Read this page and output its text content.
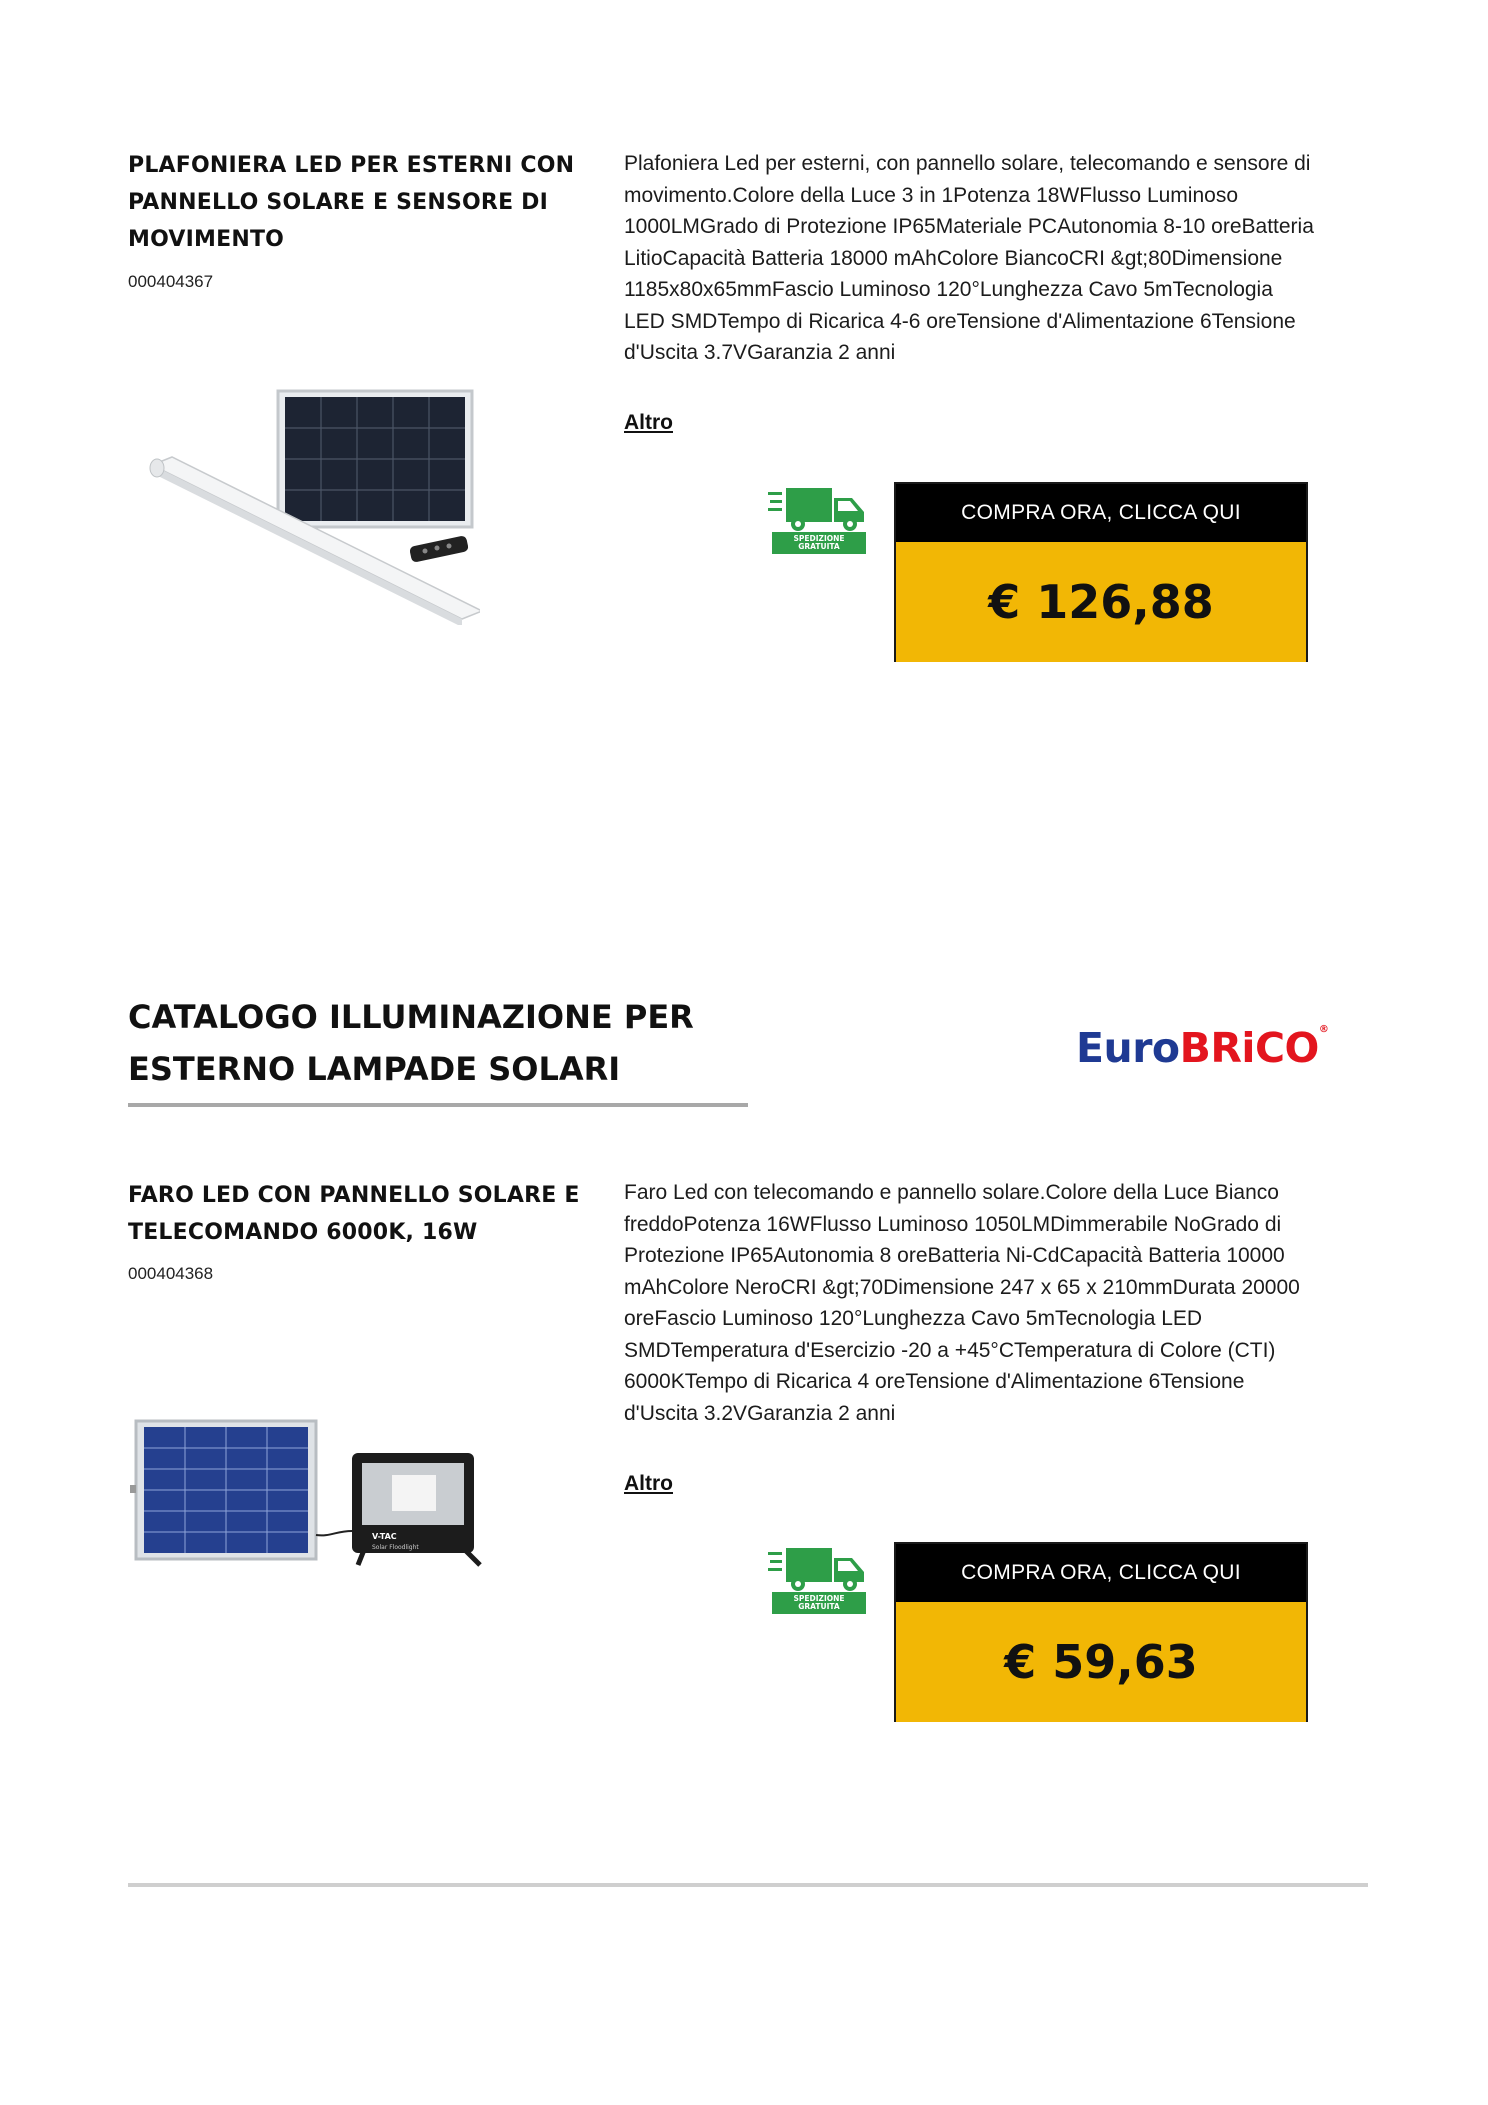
PLAFONIERA LED PER ESTERNI CON PANNELLO SOLARE E SENSORE DI MOVIMENTO
000404367
Plafoniera Led per esterni, con pannello solare, telecomando e sensore di movimento.Colore della Luce 3 in 1Potenza 18WFlusso Luminoso 1000LMGrado di Protezione IP65Materiale PCAutonomia 8-10 oreBatteria LitioCapacità Batteria 18000 mAhColore BiancoCRI &gt;80Dimensione 1185x80x65mmFascio Luminoso 120°Lunghezza Cavo 5mTecnologia LED SMDTempo di Ricarica 4-6 oreTensione d'Alimentazione 6Tensione d'Uscita 3.7VGaranzia 2 anni
Altro
SPEDIZIONE GRATUITA
COMPRA ORA, CLICCA QUI
€ 126,88
CATALOGO ILLUMINAZIONE PER ESTERNO LAMPADE SOLARI	EuroBRiCO®
FARO LED CON PANNELLO SOLARE E TELECOMANDO 6000K, 16W
000404368
V-TAC
Solar Floodlight
Faro Led con telecomando e pannello solare.Colore della Luce Bianco freddoPotenza 16WFlusso Luminoso 1050LMDimmerabile NoGrado di Protezione IP65Autonomia 8 oreBatteria Ni-CdCapacità Batteria 10000 mAhColore NeroCRI &gt;70Dimensione 247 x 65 x 210mmDurata 20000 oreFascio Luminoso 120°Lunghezza Cavo 5mTecnologia LED SMDTemperatura d'Esercizio -20 a +45°CTemperatura di Colore (CTI) 6000KTempo di Ricarica 4 oreTensione d'Alimentazione 6Tensione d'Uscita 3.2VGaranzia 2 anni
Altro
SPEDIZIONE GRATUITA
COMPRA ORA, CLICCA QUI
€ 59,63
